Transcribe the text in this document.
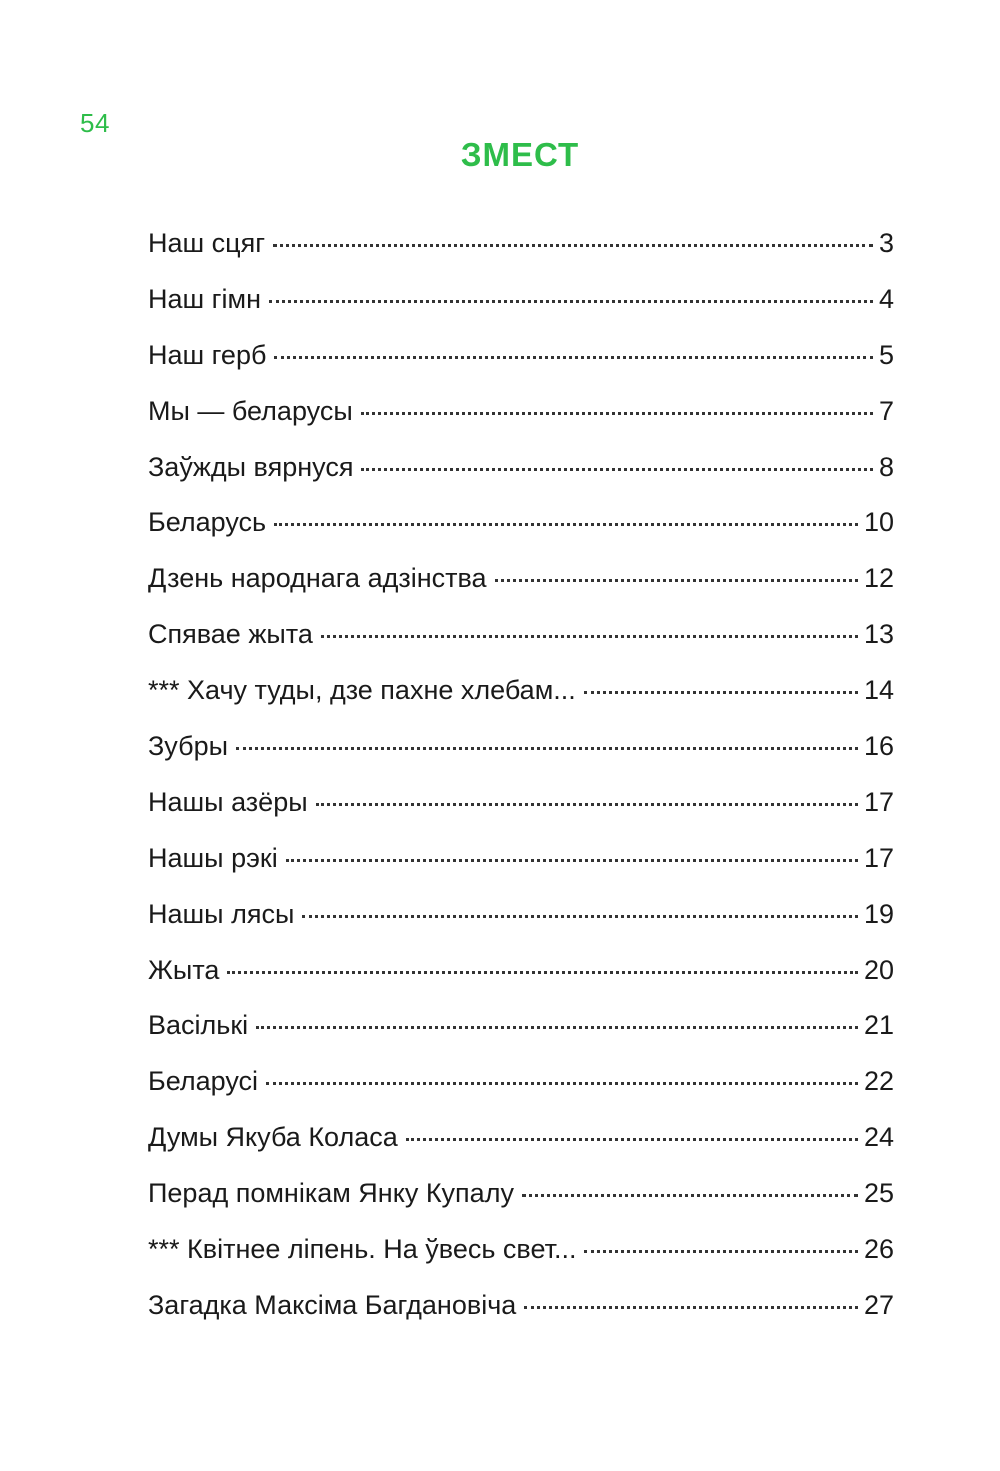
54
ЗМЕСТ
Наш сцяг	3
Наш гімн	4
Наш герб	5
Мы — беларусы	7
Заўжды вярнуся	8
Беларусь	10
Дзень народнага адзінства	12
Спявае жыта	13
*** Хачу туды, дзе пахне хлебам...	14
Зубры	16
Нашы азёры	17
Нашы рэкі	17
Нашы лясы	19
Жыта	20
Васількі	21
Беларусі	22
Думы Якуба Коласа	24
Перад помнікам Янку Купалу	25
*** Квітнее ліпень. На ўвесь свет...	26
Загадка Максіма Багдановіча	27
